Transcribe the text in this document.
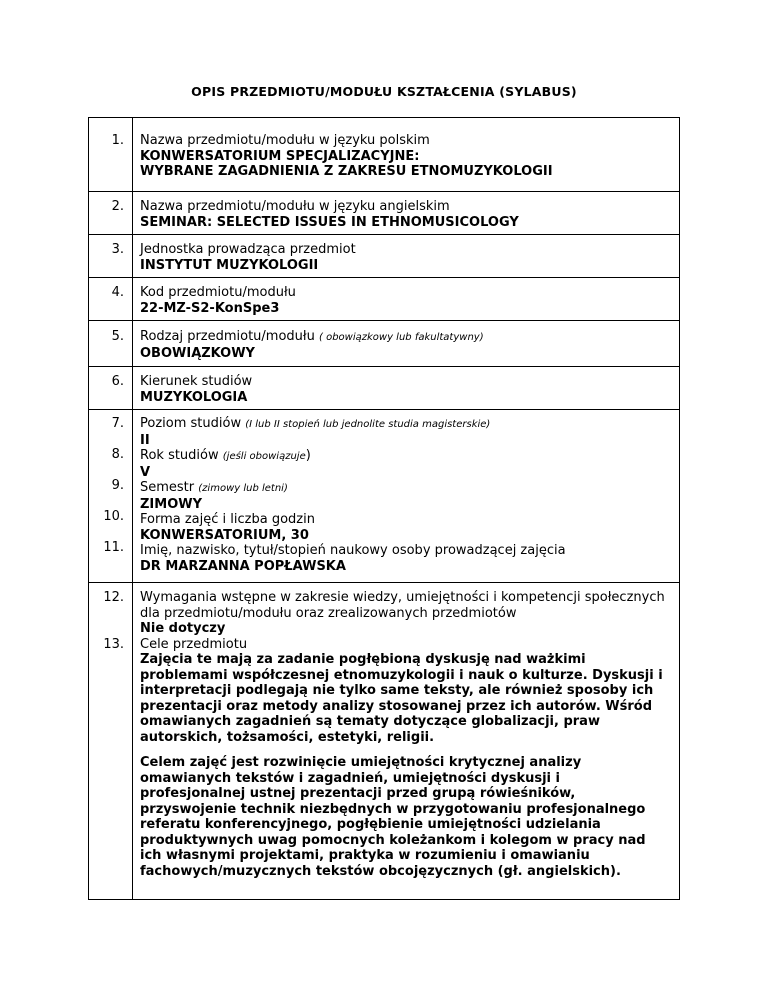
OPIS PRZEDMIOTU/MODUŁU KSZTAŁCENIA (SYLABUS)
1. Nazwa przedmiotu/modułu w języku polskim
KONWERSATORIUM SPECJALIZACYJNE:
WYBRANE ZAGADNIENIA Z ZAKRESU ETNOMUZYKOLOGII
2. Nazwa przedmiotu/modułu w języku angielskim
SEMINAR: SELECTED ISSUES IN ETHNOMUSICOLOGY
3. Jednostka prowadząca przedmiot
INSTYTUT MUZYKOLOGII
4. Kod przedmiotu/modułu
22-MZ-S2-KonSpe3
5. Rodzaj przedmiotu/modułu ( obowiązkowy lub fakultatywny)
OBOWIĄZKOWY
6. Kierunek studiów
MUZYKOLOGIA
7.
8.
9.
10.
11.
Poziom studiów (I lub II stopień lub jednolite studia magisterskie)
II
Rok studiów (jeśli obowiązuje)
V
Semestr (zimowy lub letni)
ZIMOWY
Forma zajęć i liczba godzin
KONWERSATORIUM, 30
Imię, nazwisko, tytuł/stopień naukowy osoby prowadzącej zajęcia
DR MARZANNA POPŁAWSKA
12.
13.
Wymagania wstępne w zakresie wiedzy, umiejętności i kompetencji społecznych
dla przedmiotu/modułu oraz zrealizowanych przedmiotów
Nie dotyczy
Cele przedmiotu
Zajęcia te mają za zadanie pogłębioną dyskusję nad ważkimi
problemami współczesnej etnomuzykologii i nauk o kulturze. Dyskusji i
interpretacji podlegają nie tylko same teksty, ale również sposoby ich
prezentacji oraz metody analizy stosowanej przez ich autorów. Wśród
omawianych zagadnień są tematy dotyczące globalizacji, praw
autorskich, tożsamości, estetyki, religii.
Celem zajęć jest rozwinięcie umiejętności krytycznej analizy
omawianych tekstów i zagadnień, umiejętności dyskusji i
profesjonalnej ustnej prezentacji przed grupą rówieśników,
przyswojenie technik niezbędnych w przygotowaniu profesjonalnego
referatu konferencyjnego, pogłębienie umiejętności udzielania
produktywnych uwag pomocnych koleżankom i kolegom w pracy nad
ich własnymi projektami, praktyka w rozumieniu i omawianiu
fachowych/muzycznych tekstów obcojęzycznych (gł. angielskich).
